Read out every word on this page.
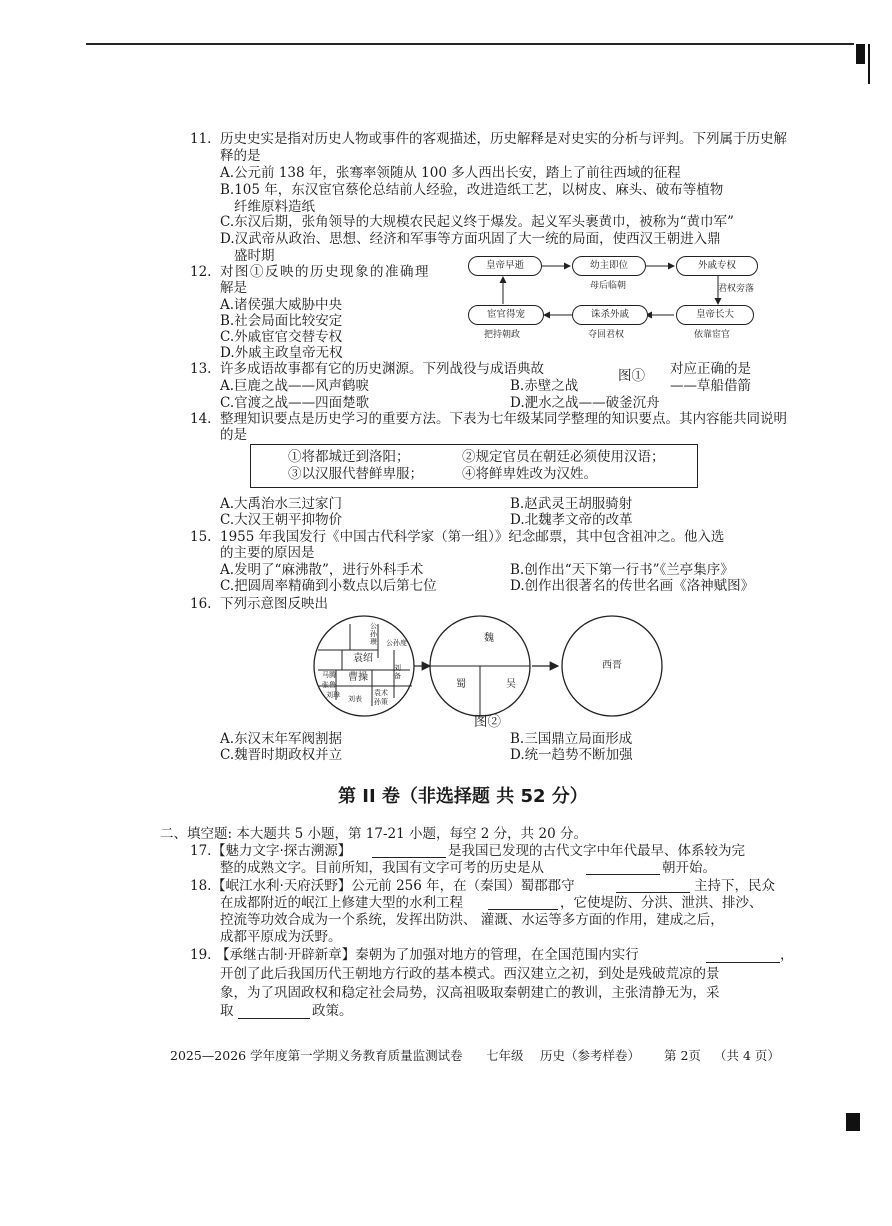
11. 历史史实是指对历史人物或事件的客观描述，历史解释是对史实的分析与评判。下列属于历史解
释的是
A.公元前 138 年，张骞率领随从 100 多人西出长安，踏上了前往西域的征程
B.105 年，东汉宦官蔡伦总结前人经验，改进造纸工艺，以树皮、麻头、破布等植物
纤维原料造纸
C.东汉后期，张角领导的大规模农民起义终于爆发。起义军头裹黄巾，被称为“黄巾军”
D.汉武帝从政治、思想、经济和军事等方面巩固了大一统的局面，使西汉王朝进入鼎
盛时期
12. 对图①反映的历史现象的准确理
解是
A.诸侯强大威胁中央
B.社会局面比较安定
C.外戚宦官交替专权
D.外戚主政皇帝无权
皇帝早逝	幼主即位	外戚专权
皇帝长大
诛杀外戚
宦官得宠
母后临朝	君权旁落
依靠宦官
夺回君权
把持朝政
13. 许多成语故事都有它的历史渊源。下列战役与成语典故	图① 对应正确的是
A.巨鹿之战——风声鹤唳	B.赤壁之战	——草船借箭
C.官渡之战——四面楚歌	D.淝水之战——破釜沉舟
14. 整理知识要点是历史学习的重要方法。下表为七年级某同学整理的知识要点。其内容能共同说明
的是
①将都城迁到洛阳；	②规定官员在朝廷必须使用汉语；
③以汉服代替鲜卑服；	④将鲜卑姓改为汉姓。
A.大禹治水三过家门	B.赵武灵王胡服骑射
C.大汉王朝平抑物价	D.北魏孝文帝的改革
15. 1955 年我国发行《中国古代科学家（第一组）》纪念邮票，其中包含祖冲之。他入选
的主要的原因是
A.发明了“麻沸散”，进行外科手术	B.创作出“天下第一行书”《兰亭集序》
C.把圆周率精确到小数点以后第七位	D.创作出很著名的传世名画《洛神赋图》
16. 下列示意图反映出
袁绍
曹操
公孙瓒 公孙度
马腾
张鲁
刘璋 刘表 孙策
刘备
袁术
魏
蜀	吴
西晋
图②
A.东汉末年军阀割据	B.三国鼎立局面形成
C.魏晋时期政权并立	D.统一趋势不断加强
第 II 卷（非选择题 共 52 分）
二、填空题: 本大题共 5 小题，第 17-21 小题，每空 2 分，共 20 分。
17. 【魅力文字·探古溯源】	是我国已发现的古代文字中年代最早、体系较为完
整的成熟文字。目前所知，我国有文字可考的历史是从	朝开始。
18. 【岷江水利·天府沃野】公元前 256 年，在（秦国）蜀郡郡守	主持下，民众
在成都附近的岷江上修建大型的水利工程	，它使堤防、分洪、泄洪、排沙、
控流等功效合成为一个系统，发挥出防洪、 灌溉、水运等多方面的作用，建成之后，
成都平原成为沃野。
19. 【承继古制·开辟新章】秦朝为了加强对地方的管理，在全国范围内实行	，
开创了此后我国历代王朝地方行政的基本模式。西汉建立之初，到处是残破荒凉的景
象，为了巩固政权和稳定社会局势，汉高祖吸取秦朝建亡的教训，主张清静无为，采
取	政策。
2025—2026 学年度第一学期义务教育质量监测试卷 七年级 历史（参考样卷） 第 2页 （共 4 页）
